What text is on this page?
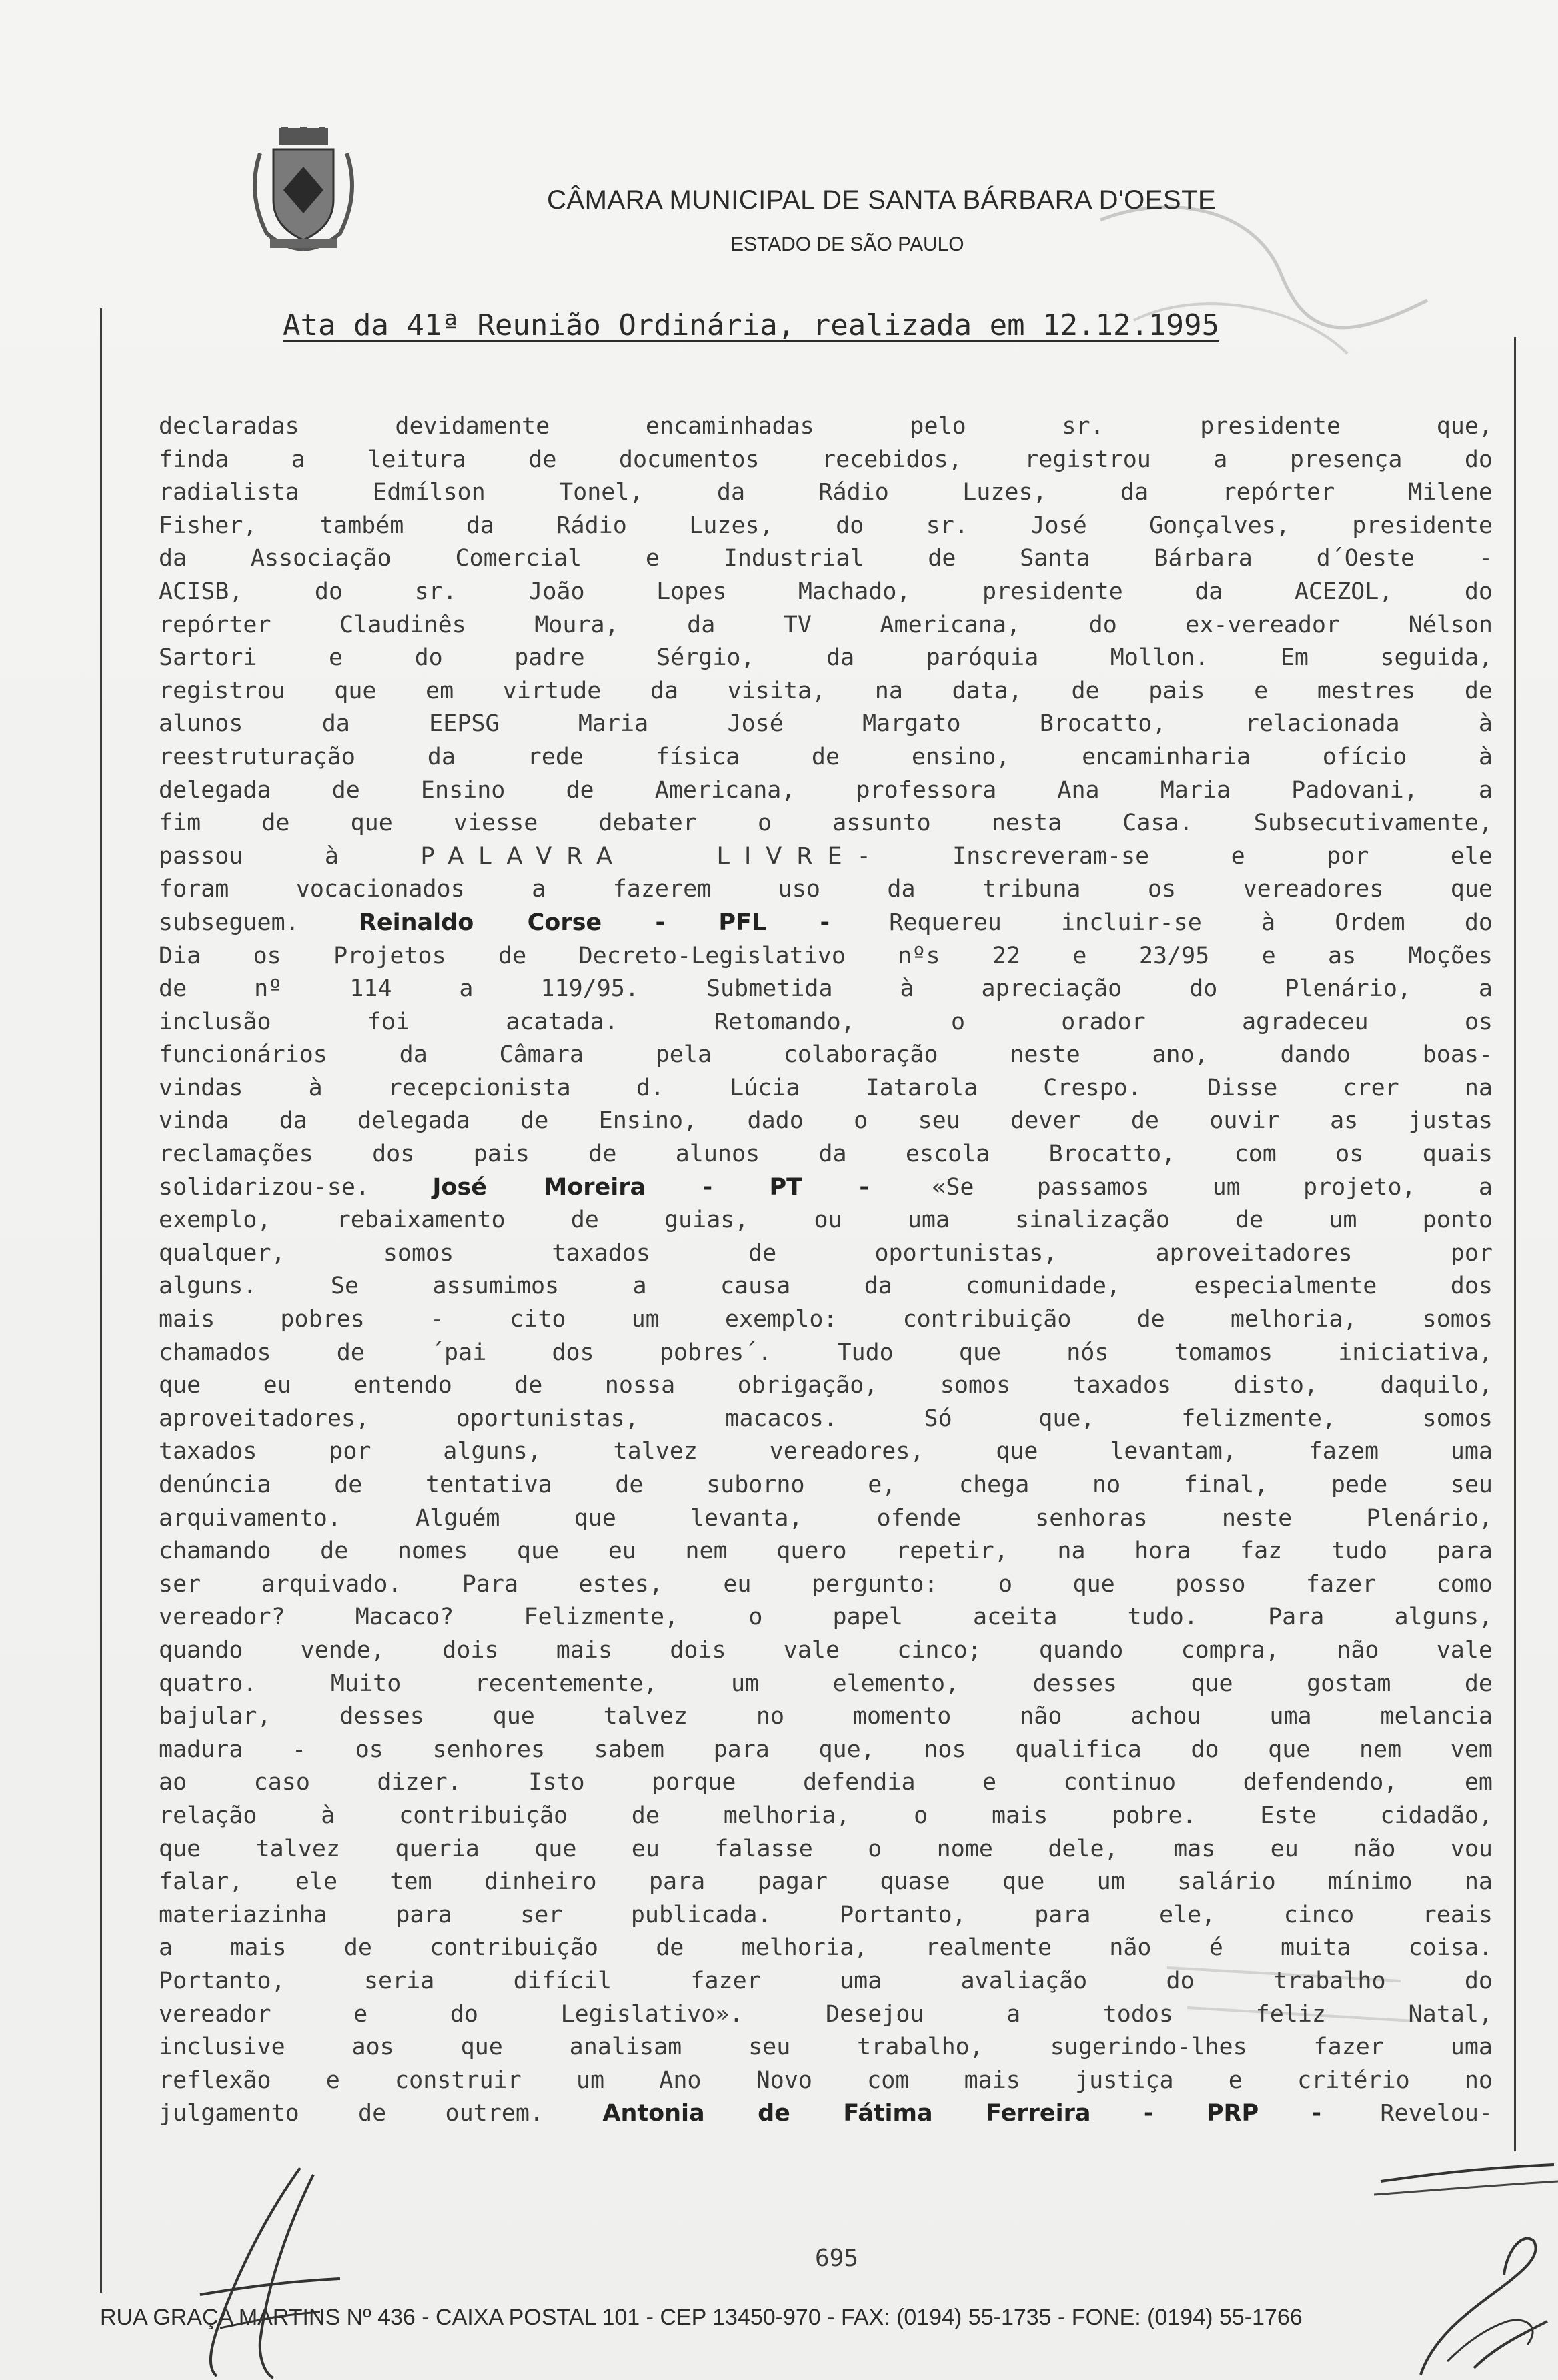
CÂMARA MUNICIPAL DE SANTA BÁRBARA D'OESTE
ESTADO DE SÃO PAULO
Ata da 41ª Reunião Ordinária, realizada em 12.12.1995
declaradas devidamente encaminhadas pelo sr. presidente que,
finda a leitura de documentos recebidos, registrou a presença do
radialista Edmílson Tonel, da Rádio Luzes, da repórter Milene
Fisher, também da Rádio Luzes, do sr. José Gonçalves, presidente
da Associação Comercial e Industrial de Santa Bárbara d´Oeste -
ACISB, do sr. João Lopes Machado, presidente da ACEZOL, do
repórter Claudinês Moura, da TV Americana, do ex-vereador Nélson
Sartori e do padre Sérgio, da paróquia Mollon. Em seguida,
registrou que em virtude da visita, na data, de pais e mestres de
alunos da EEPSG Maria José Margato Brocatto, relacionada à
reestruturação da rede física de ensino, encaminharia ofício à
delegada de Ensino de Americana, professora Ana Maria Padovani, a
fim de que viesse debater o assunto nesta Casa. Subsecutivamente,
passou à PALAVRA LIVRE- Inscreveram-se e por ele
foram vocacionados a fazerem uso da tribuna os vereadores que
subseguem. Reinaldo Corse - PFL - Requereu incluir-se à Ordem do
Dia os Projetos de Decreto-Legislativo nºs 22 e 23/95 e as Moções
de nº 114 a 119/95. Submetida à apreciação do Plenário, a
inclusão foi acatada. Retomando, o orador agradeceu os
funcionários da Câmara pela colaboração neste ano, dando boas-
vindas à recepcionista d. Lúcia Iatarola Crespo. Disse crer na
vinda da delegada de Ensino, dado o seu dever de ouvir as justas
reclamações dos pais de alunos da escola Brocatto, com os quais
solidarizou-se. José Moreira - PT - «Se passamos um projeto, a
exemplo, rebaixamento de guias, ou uma sinalização de um ponto
qualquer, somos taxados de oportunistas, aproveitadores por
alguns. Se assumimos a causa da comunidade, especialmente dos
mais pobres - cito um exemplo: contribuição de melhoria, somos
chamados de ´pai dos pobres´. Tudo que nós tomamos iniciativa,
que eu entendo de nossa obrigação, somos taxados disto, daquilo,
aproveitadores, oportunistas, macacos. Só que, felizmente, somos
taxados por alguns, talvez vereadores, que levantam, fazem uma
denúncia de tentativa de suborno e, chega no final, pede seu
arquivamento. Alguém que levanta, ofende senhoras neste Plenário,
chamando de nomes que eu nem quero repetir, na hora faz tudo para
ser arquivado. Para estes, eu pergunto: o que posso fazer como
vereador? Macaco? Felizmente, o papel aceita tudo. Para alguns,
quando vende, dois mais dois vale cinco; quando compra, não vale
quatro. Muito recentemente, um elemento, desses que gostam de
bajular, desses que talvez no momento não achou uma melancia
madura - os senhores sabem para que, nos qualifica do que nem vem
ao caso dizer. Isto porque defendia e continuo defendendo, em
relação à contribuição de melhoria, o mais pobre. Este cidadão,
que talvez queria que eu falasse o nome dele, mas eu não vou
falar, ele tem dinheiro para pagar quase que um salário mínimo na
materiazinha para ser publicada. Portanto, para ele, cinco reais
a mais de contribuição de melhoria, realmente não é muita coisa.
Portanto, seria difícil fazer uma avaliação do trabalho do
vereador e do Legislativo». Desejou a todos feliz Natal,
inclusive aos que analisam seu trabalho, sugerindo-lhes fazer uma
reflexão e construir um Ano Novo com mais justiça e critério no
julgamento de outrem. Antonia de Fátima Ferreira - PRP - Revelou-
695
RUA GRAÇA MARTINS Nº 436 - CAIXA POSTAL 101 - CEP 13450-970 - FAX: (0194) 55-1735 - FONE: (0194) 55-1766
